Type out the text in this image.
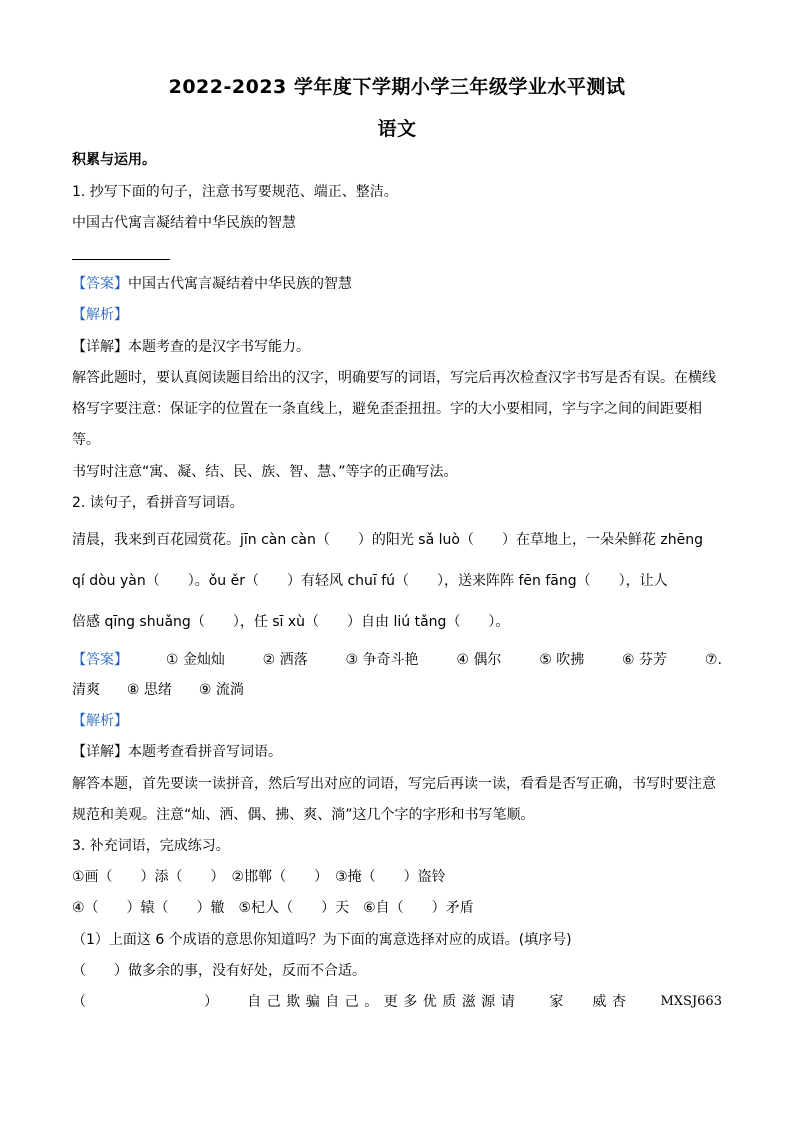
2022-2023 学年度下学期小学三年级学业水平测试
语文
积累与运用。
1. 抄写下面的句子，注意书写要规范、端正、整洁。
中国古代寓言凝结着中华民族的智慧
【答案】中国古代寓言凝结着中华民族的智慧
【解析】
【详解】本题考查的是汉字书写能力。
解答此题时，要认真阅读题目给出的汉字，明确要写的词语，写完后再次检查汉字书写是否有误。在横线
格写字要注意：保证字的位置在一条直线上，避免歪歪扭扭。字的大小要相同，字与字之间的间距要相
等。
书写时注意“寓、凝、结、民、族、智、慧、”等字的正确写法。
2. 读句子，看拼音写词语。
清晨，我来到百花园赏花。jīn càn càn（　　）的阳光 sǎ luò（　　）在草地上，一朵朵鲜花 zhēng
qí dòu yàn（　　）。ǒu ěr（　　）有轻风 chuī fú（　　），送来阵阵 fēn fāng（　　），让人
倍感 qīng shuǎng（　　），任 sī xù（　　）自由 liú tǎng（　　）。
【答案】	① 金灿灿	② 洒落	③ 争奇斗艳	④ 偶尔	⑤ 吹拂	⑥ 芬芳	⑦.
清爽 ⑧ 思绪 ⑨ 流淌
【解析】
【详解】本题考查看拼音写词语。
解答本题，首先要读一读拼音，然后写出对应的词语，写完后再读一读，看看是否写正确，书写时要注意
规范和美观。注意“灿、洒、偶、拂、爽、淌”这几个字的字形和书写笔顺。
3. 补充词语，完成练习。
①画（　　）添（　　）　②邯郸（　　）　③掩（　　）盗铃
④（　　）辕（　　）辙　⑤杞人（　　）天　⑥自（　　）矛盾
（1）上面这 6 个成语的意思你知道吗？为下面的寓意选择对应的成语。(填序号)
（　　）做多余的事，没有好处，反而不合适。
（	） 自己欺骗自己。更多优质滋源请 家 威杏 MXSJ663
